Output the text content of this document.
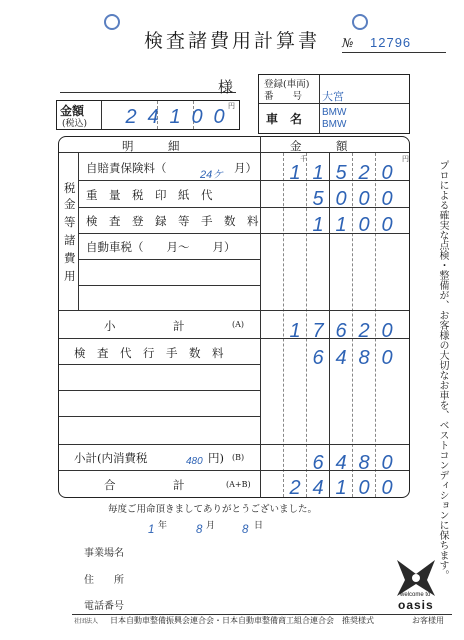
検査諸費用計算書	№ 12796
様	登録(車両)
番　　号 大宮
車　名 BMW
BMW
金額
(税込)
円
2 4 1 0 0
明　　　細	金　　　額
千	円
税
金
等
諸
費
用
自賠責保険料（	24ケ 月） 1 1 5 2 0
重　量　税　印　紙　代	5 0 0 0
検　査　登　録　等　手　数　料	1 1 0 0
自動車税（　　月〜　　月）
小　　　　　計	(A) 1 7 6 2 0
検　査　代　行　手　数　料	6 4 8 0
小計(内消費税	480 円) (B)	6 4 8 0
合　　　　　計	(A+B) 2 4 1 0 0	プロによる確実な点検・整備が、お客様の大切なお車を、ベストコンディションに保ちます。
毎度ご用命頂きましてありがとうございました。
1 年	8 月 8 日
事業場名
住　　所
電話番号
welcome to
oasis
社団法人 日本自動車整備振興会連合会・日本自動車整備商工組合連合会　推奨様式	お客様用
